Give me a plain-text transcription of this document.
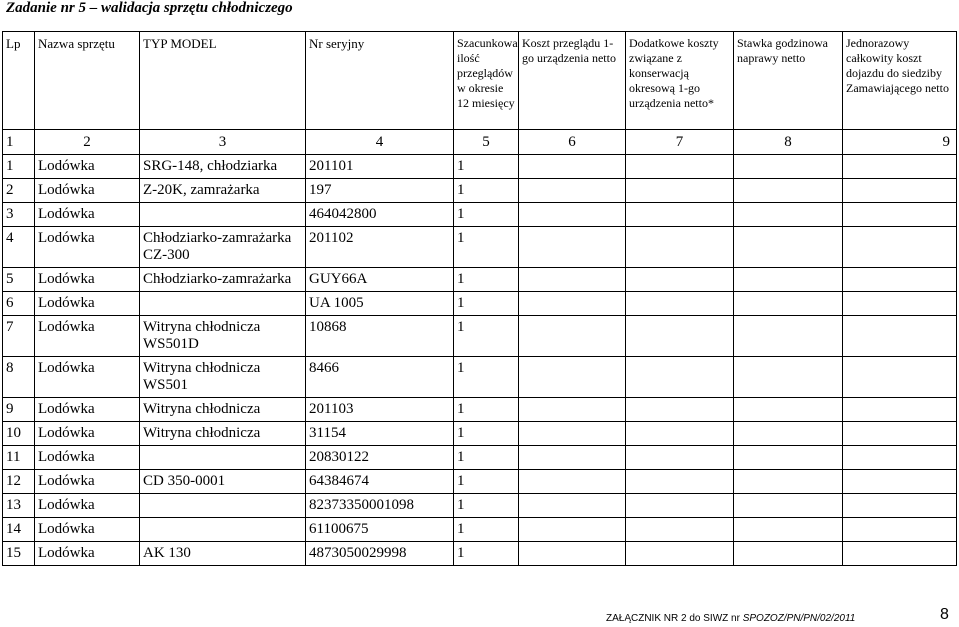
Zadanie nr 5 – walidacja sprzętu chłodniczego
Lp	Nazwa sprzętu	TYP MODEL	Nr seryjny	Szacunkowa ilość przeglądów w okresie 12 miesięcy	Koszt przeglądu 1-go urządzenia netto	Dodatkowe koszty związane z konserwacją okresową 1-go urządzenia netto*	Stawka godzinowa naprawy netto	Jednorazowy całkowity koszt dojazdu do siedziby Zamawiającego netto
1	2	3	4	5	6	7	8	9
1	Lodówka	SRG-148, chłodziarka	201101	1				
2	Lodówka	Z-20K, zamrażarka	197	1				
3	Lodówka		464042800	1				
4	Lodówka	Chłodziarko-zamrażarka CZ-300	201102	1				
5	Lodówka	Chłodziarko-zamrażarka	GUY66A	1				
6	Lodówka		UA 1005	1				
7	Lodówka	Witryna chłodnicza WS501D	10868	1				
8	Lodówka	Witryna chłodnicza WS501	8466	1				
9	Lodówka	Witryna chłodnicza	201103	1				
10	Lodówka	Witryna chłodnicza	31154	1				
11	Lodówka		20830122	1				
12	Lodówka	CD 350-0001	64384674	1				
13	Lodówka		82373350001098	1				
14	Lodówka		61100675	1				
15	Lodówka	AK 130	4873050029998	1				
ZAŁĄCZNIK NR 2 do SIWZ nr SPOZOZ/PN/PN/02/2011	8
